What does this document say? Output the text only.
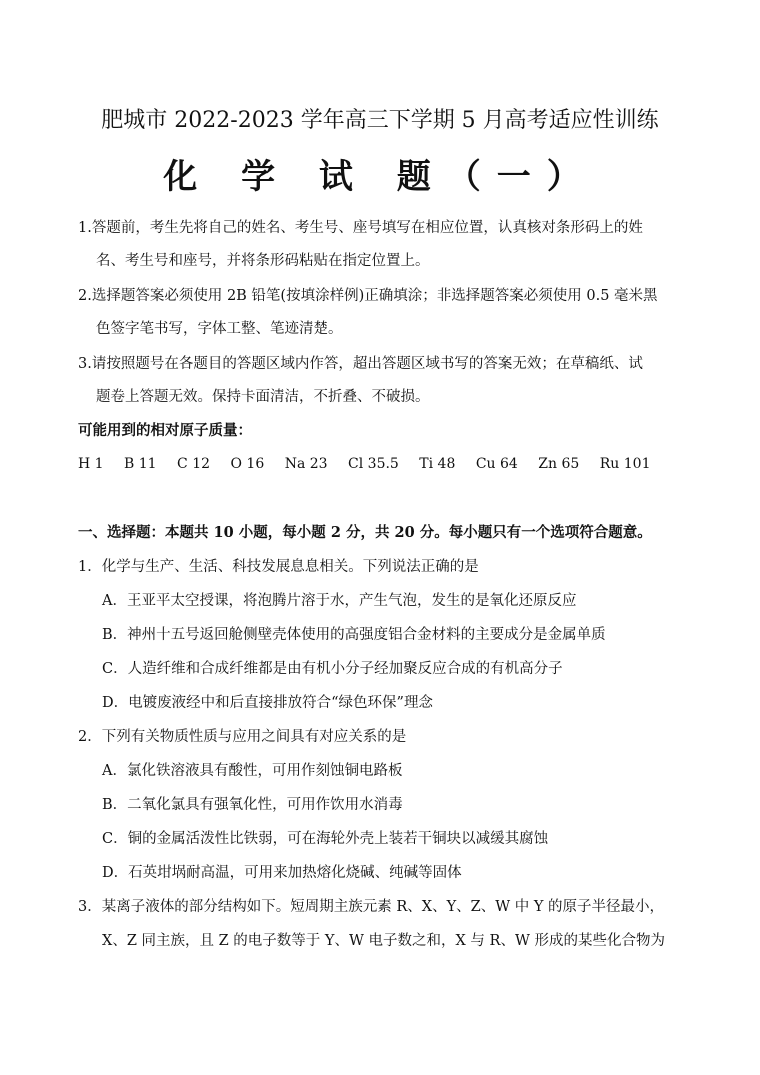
肥城市 2022-2023 学年高三下学期 5 月高考适应性训练
化 学 试 题（一）
1.答题前，考生先将自己的姓名、考生号、座号填写在相应位置，认真核对条形码上的姓
名、考生号和座号，并将条形码粘贴在指定位置上。
2.选择题答案必须使用 2B 铅笔(按填涂样例)正确填涂；非选择题答案必须使用 0.5 毫米黑
色签字笔书写，字体工整、笔迹清楚。
3.请按照题号在各题目的答题区域内作答，超出答题区域书写的答案无效；在草稿纸、试
题卷上答题无效。保持卡面清洁，不折叠、不破损。
可能用到的相对原子质量：
H 1 B 11 C 12 O 16 Na 23 Cl 35.5 Ti 48 Cu 64 Zn 65 Ru 101
一、选择题：本题共 10 小题，每小题 2 分，共 20 分。每小题只有一个选项符合题意。
1．化学与生产、生活、科技发展息息相关。下列说法正确的是
A．王亚平太空授课，将泡腾片溶于水，产生气泡，发生的是氧化还原反应
B．神州十五号返回舱侧壁壳体使用的高强度铝合金材料的主要成分是金属单质
C．人造纤维和合成纤维都是由有机小分子经加聚反应合成的有机高分子
D．电镀废液经中和后直接排放符合“绿色环保”理念
2．下列有关物质性质与应用之间具有对应关系的是
A．氯化铁溶液具有酸性，可用作刻蚀铜电路板
B．二氧化氯具有强氧化性，可用作饮用水消毒
C．铜的金属活泼性比铁弱，可在海轮外壳上装若干铜块以减缓其腐蚀
D．石英坩埚耐高温，可用来加热熔化烧碱、纯碱等固体
3．某离子液体的部分结构如下。短周期主族元素 R、X、Y、Z、W 中 Y 的原子半径最小，
X、Z 同主族，且 Z 的电子数等于 Y、W 电子数之和，X 与 R、W 形成的某些化合物为
